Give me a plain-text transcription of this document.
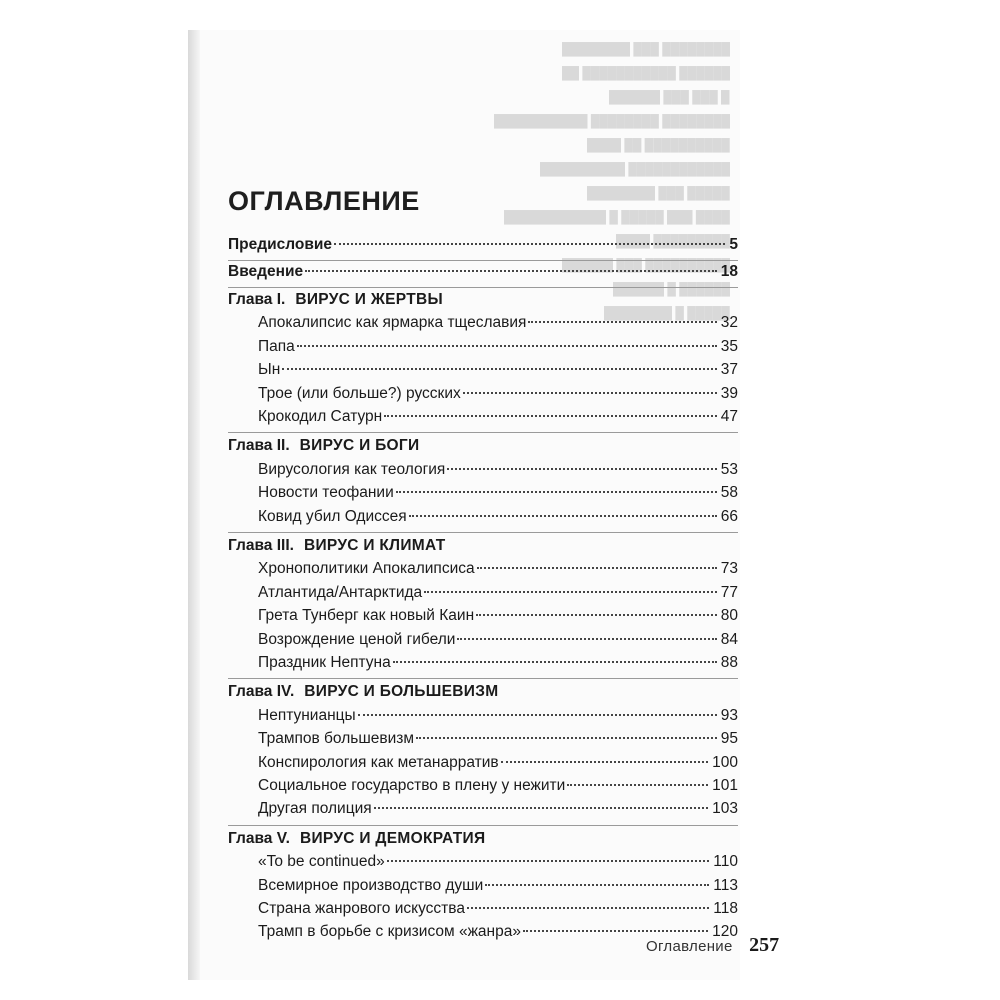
████████ ███ ████████
██████ ███████████ ██
█ ███ ███ ██████
████████ ████████ ███████████
██████████ ██ ████
████████████ ██████████
█████ ███ ████████
████ ███ █████ █ ████████████
█████████ ████
██████████ ███ ██████
██████ █ ██████
█████ █ ████████
ОГЛАВЛЕНИЕ
Предисловие	5
Введение	18
Глава I. ВИРУС И ЖЕРТВЫ
Апокалипсис как ярмарка тщеславия	32
Папа	35
Ын	37
Трое (или больше?) русских	39
Крокодил Сатурн	47
Глава II. ВИРУС И БОГИ
Вирусология как теология	53
Новости теофании	58
Ковид убил Одиссея	66
Глава III. ВИРУС И КЛИМАТ
Хронополитики Апокалипсиса	73
Атлантида/Антарктида	77
Грета Тунберг как новый Каин	80
Возрождение ценой гибели	84
Праздник Нептуна	88
Глава IV. ВИРУС И БОЛЬШЕВИЗМ
Нептунианцы	93
Трампов большевизм	95
Конспирология как метанарратив	100
Социальное государство в плену у нежити	101
Другая полиция	103
Глава V. ВИРУС И ДЕМОКРАТИЯ
«To be continued»	110
Всемирное производство души	113
Страна жанрового искусства	118
Трамп в борьбе с кризисом «жанра»	120
Оглавление 257
